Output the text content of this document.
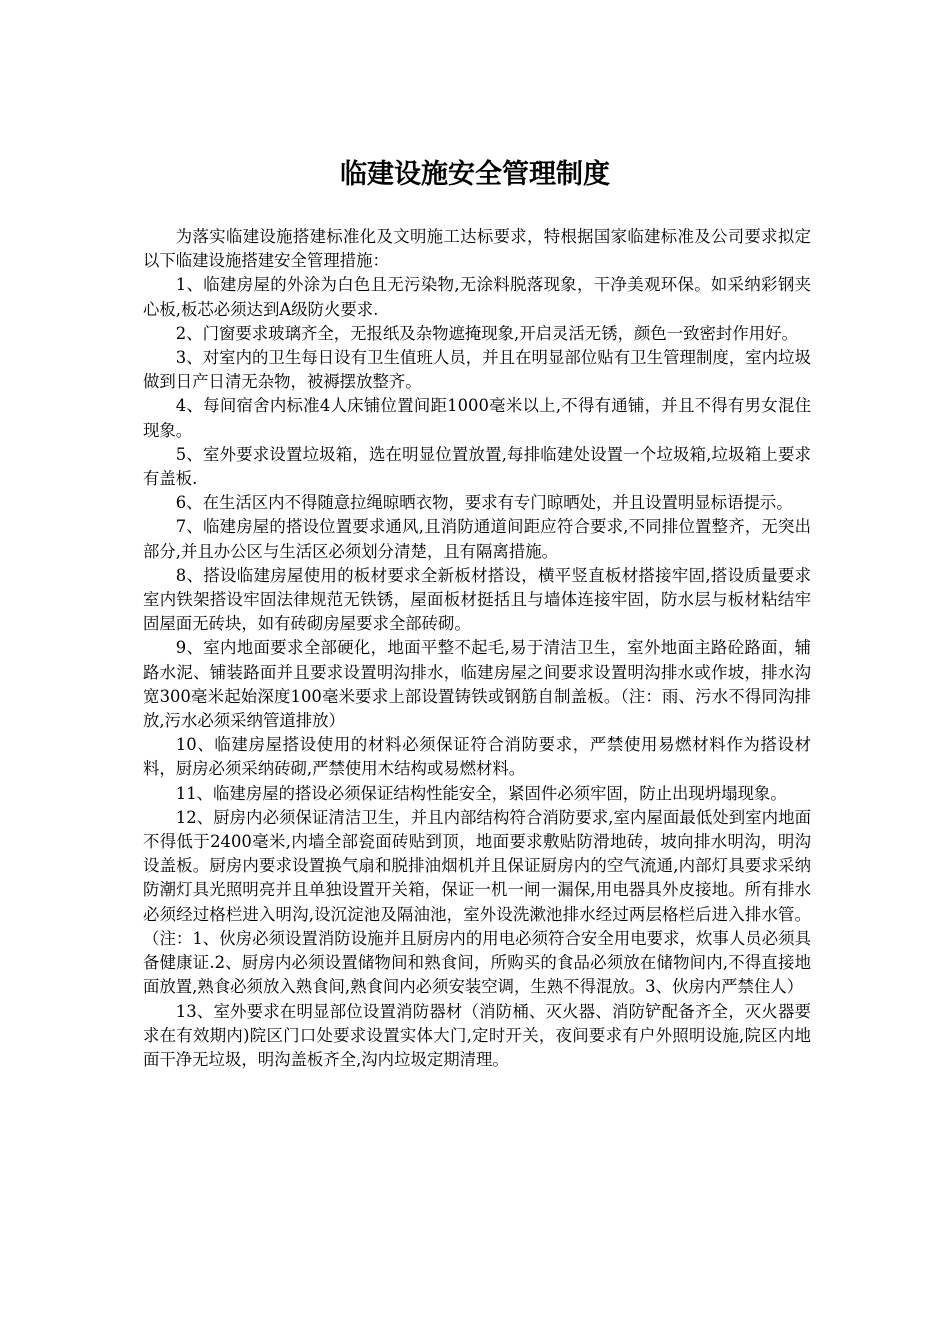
临建设施安全管理制度

为落实临建设施搭建标准化及文明施工达标要求，特根据国家临建标准及公司要求拟定以下临建设施搭建安全管理措施：

1、临建房屋的外涂为白色且无污染物,无涂料脱落现象，干净美观环保。如采纳彩钢夹心板,板芯必须达到A级防火要求.

2、门窗要求玻璃齐全，无报纸及杂物遮掩现象,开启灵活无锈，颜色一致密封作用好。

3、对室内的卫生每日设有卫生值班人员，并且在明显部位贴有卫生管理制度，室内垃圾做到日产日清无杂物，被褥摆放整齐。

4、每间宿舍内标准4人床铺位置间距1000毫米以上,不得有通铺，并且不得有男女混住现象。

5、室外要求设置垃圾箱，选在明显位置放置,每排临建处设置一个垃圾箱,垃圾箱上要求有盖板.

6、在生活区内不得随意拉绳晾晒衣物，要求有专门晾晒处，并且设置明显标语提示。

7、临建房屋的搭设位置要求通风,且消防通道间距应符合要求,不同排位置整齐，无突出部分,并且办公区与生活区必须划分清楚，且有隔离措施。

8、搭设临建房屋使用的板材要求全新板材搭设，横平竖直板材搭接牢固,搭设质量要求室内铁架搭设牢固法律规范无铁锈，屋面板材挺括且与墙体连接牢固，防水层与板材粘结牢固屋面无砖块，如有砖砌房屋要求全部砖砌。

9、室内地面要求全部硬化，地面平整不起毛,易于清洁卫生，室外地面主路砼路面，辅路水泥、铺装路面并且要求设置明沟排水，临建房屋之间要求设置明沟排水或作坡，排水沟宽300毫米起始深度100毫米要求上部设置铸铁或钢筋自制盖板。（注：雨、污水不得同沟排放,污水必须采纳管道排放）

10、临建房屋搭设使用的材料必须保证符合消防要求，严禁使用易燃材料作为搭设材料，厨房必须采纳砖砌,严禁使用木结构或易燃材料。

11、临建房屋的搭设必须保证结构性能安全，紧固件必须牢固，防止出现坍塌现象。

12、厨房内必须保证清洁卫生，并且内部结构符合消防要求,室内屋面最低处到室内地面不得低于2400毫米,内墙全部瓷面砖贴到顶，地面要求敷贴防滑地砖，坡向排水明沟，明沟设盖板。厨房内要求设置换气扇和脱排油烟机并且保证厨房内的空气流通,内部灯具要求采纳防潮灯具光照明亮并且单独设置开关箱，保证一机一闸一漏保,用电器具外皮接地。所有排水必须经过格栏进入明沟,设沉淀池及隔油池，室外设洗漱池排水经过两层格栏后进入排水管。（注：1、伙房必须设置消防设施并且厨房内的用电必须符合安全用电要求，炊事人员必须具备健康证.2、厨房内必须设置储物间和熟食间，所购买的食品必须放在储物间内,不得直接地面放置,熟食必须放入熟食间,熟食间内必须安装空调，生熟不得混放。3、伙房内严禁住人）

13、室外要求在明显部位设置消防器材（消防桶、灭火器、消防铲配备齐全，灭火器要求在有效期内)院区门口处要求设置实体大门,定时开关，夜间要求有户外照明设施,院区内地面干净无垃圾，明沟盖板齐全,沟内垃圾定期清理。
